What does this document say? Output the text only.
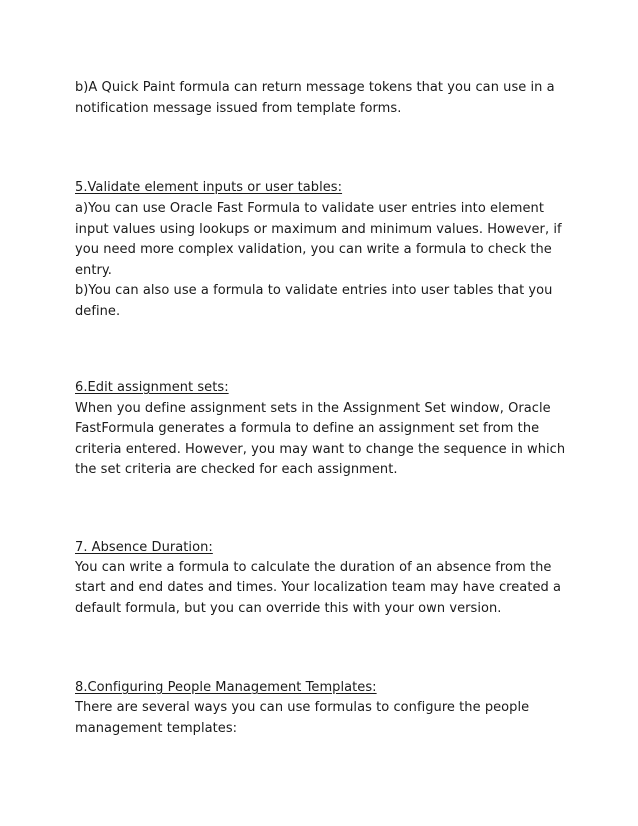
b)A Quick Paint formula can return message tokens that you can use in a
notification message issued from template forms.
5.Validate element inputs or user tables:
a)You can use Oracle Fast Formula to validate user entries into element
input values using lookups or maximum and minimum values. However, if
you need more complex validation, you can write a formula to check the
entry.
b)You can also use a formula to validate entries into user tables that you
define.
6.Edit assignment sets:
When you define assignment sets in the Assignment Set window, Oracle
FastFormula generates a formula to define an assignment set from the
criteria entered. However, you may want to change the sequence in which
the set criteria are checked for each assignment.
7. Absence Duration:
You can write a formula to calculate the duration of an absence from the
start and end dates and times. Your localization team may have created a
default formula, but you can override this with your own version.
8.Configuring People Management Templates:
There are several ways you can use formulas to configure the people
management templates:
